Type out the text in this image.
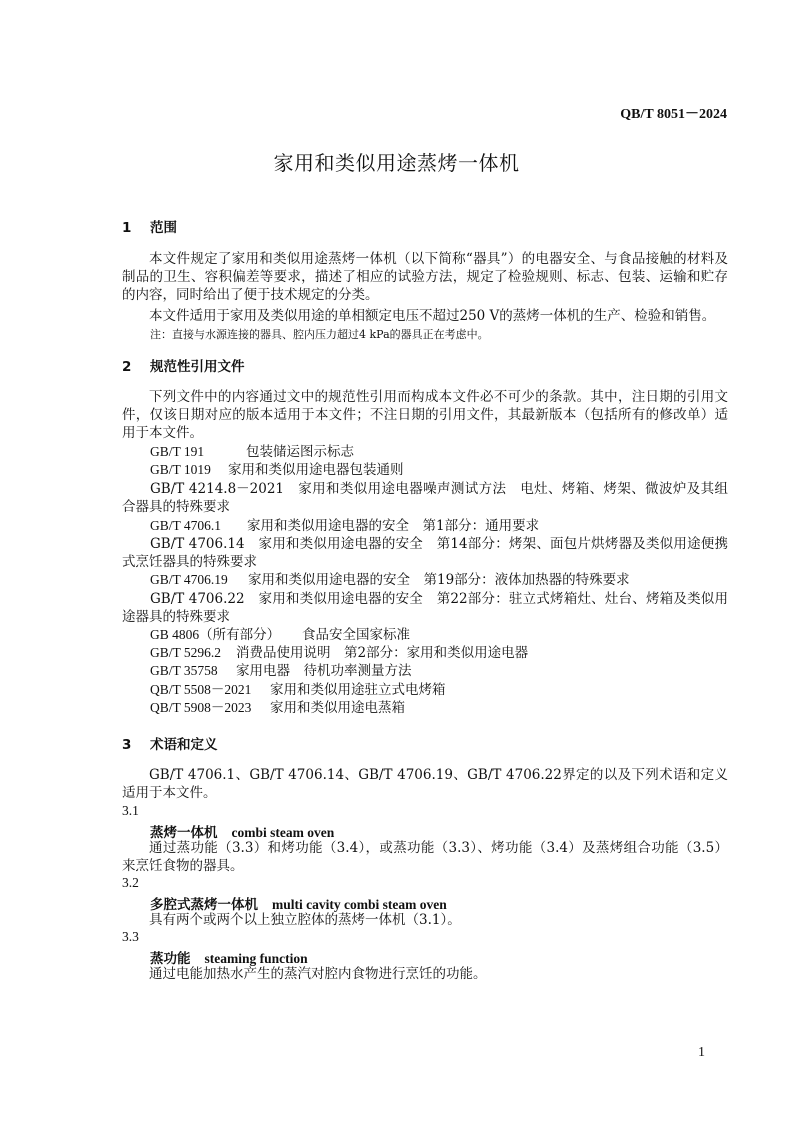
QB/T 8051－2024
家用和类似用途蒸烤一体机
1 范围
本文件规定了家用和类似用途蒸烤一体机（以下简称“器具”）的电器安全、与食品接触的材料及制品的卫生、容积偏差等要求，描述了相应的试验方法，规定了检验规则、标志、包装、运输和贮存的内容，同时给出了便于技术规定的分类。
本文件适用于家用及类似用途的单相额定电压不超过250 V的蒸烤一体机的生产、检验和销售。
注：直接与水源连接的器具、腔内压力超过4 kPa的器具正在考虑中。
2 规范性引用文件
下列文件中的内容通过文中的规范性引用而构成本文件必不可少的条款。其中，注日期的引用文件，仅该日期对应的版本适用于本文件；不注日期的引用文件，其最新版本（包括所有的修改单）适用于本文件。
GB/T 191	包装储运图示标志
GB/T 1019 家用和类似用途电器包装通则
GB/T 4214.8－2021　 家用和类似用途电器噪声测试方法　电灶、烤箱、烤架、微波炉及其组合器具的特殊要求
GB/T 4706.1 家用和类似用途电器的安全　第1部分：通用要求
GB/T 4706.14　 家用和类似用途电器的安全　第14部分：烤架、面包片烘烤器及类似用途便携式烹饪器具的特殊要求
GB/T 4706.19 家用和类似用途电器的安全　第19部分：液体加热器的特殊要求
GB/T 4706.22　 家用和类似用途电器的安全　第22部分：驻立式烤箱灶、灶台、烤箱及类似用途器具的特殊要求
GB 4806（所有部分） 食品安全国家标准
GB/T 5296.2 消费品使用说明　第2部分：家用和类似用途电器
GB/T 35758 家用电器　待机功率测量方法
QB/T 5508－2021 家用和类似用途驻立式电烤箱
QB/T 5908－2023 家用和类似用途电蒸箱
3 术语和定义
GB/T 4706.1、GB/T 4706.14、GB/T 4706.19、GB/T 4706.22界定的以及下列术语和定义适用于本文件。
3.1
蒸烤一体机 combi steam oven
通过蒸功能（3.3）和烤功能（3.4），或蒸功能（3.3）、烤功能（3.4）及蒸烤组合功能（3.5）来烹饪食物的器具。
3.2
多腔式蒸烤一体机 multi cavity combi steam oven
具有两个或两个以上独立腔体的蒸烤一体机（3.1）。
3.3
蒸功能 steaming function
通过电能加热水产生的蒸汽对腔内食物进行烹饪的功能。
1
